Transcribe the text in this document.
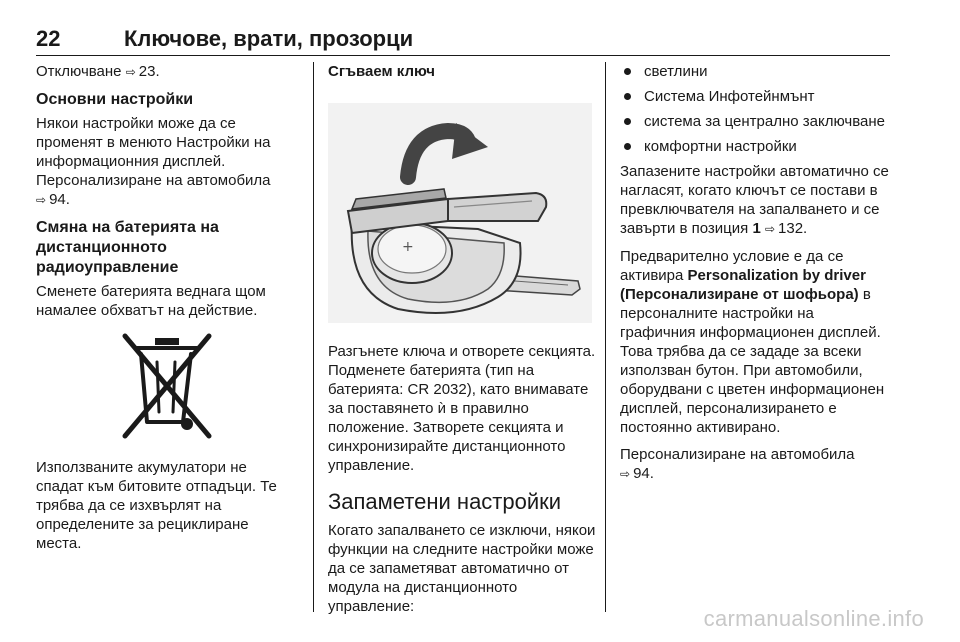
22	Ключове, врати, прозорци

Отключване ⇨ 23.

Основни настройки

Някои настройки може да се променят в менюто Настройки на информационния дисплей. Персонализиране на автомобила ⇨ 94.

Смяна на батерията на дистанционното радиоуправление

Сменете батерията веднага щом намалее обхватът на действие.

Използваните акумулатори не спадат към битовите отпадъци. Те трябва да се изхвърлят на определените за рециклиране места.

Сгъваем ключ

+

Разгънете ключа и отворете секцията. Подменете батерията (тип на батерията: CR 2032), като внимавате за поставянето ѝ в правилно положение. Затворете секцията и синхронизирайте дистанционното управление.

Запаметени настройки

Когато запалването се изключи, някои функции на следните настройки може да се запаметяват автоматично от модула на дистанционното управление:

светлини
Система Инфотейнмънт
система за централно заключване
комфортни настройки

Запазените настройки автоматично се нагласят, когато ключът се постави в превключвателя на запалването и се завърти в позиция 1 ⇨ 132.

Предварително условие е да се активира Personalization by driver (Персонализиране от шофьора) в персоналните настройки на графичния информационен дисплей. Това трябва да се зададе за всеки използван бутон. При автомобили, оборудвани с цветен информационен дисплей, персонализирането е постоянно активирано.

Персонализиране на автомобила
⇨ 94.

carmanualsonline.info
